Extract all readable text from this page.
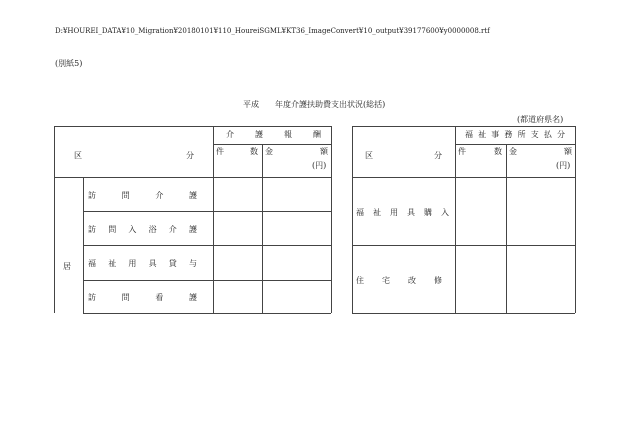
D:¥HOUREI_DATA¥10_Migration¥20180101¥110_HoureiSGML¥KT36_ImageConvert¥10_output¥39177600¥y0000008.rtf
(別紙5)
平成　　年度介護扶助費支出状況(総括)
(都道府県名)
区	分
介	護	報	酬
件	数 金	額
(円)
居
訪	問	介	護
訪 問 入 浴 介 護
福 祉 用 具 貸 与
訪	問	看	護
区	分
福 祉 事 務 所 支 払 分
件	数 金	額
(円)
福 祉 用 具 購 入
住 宅 改 修
